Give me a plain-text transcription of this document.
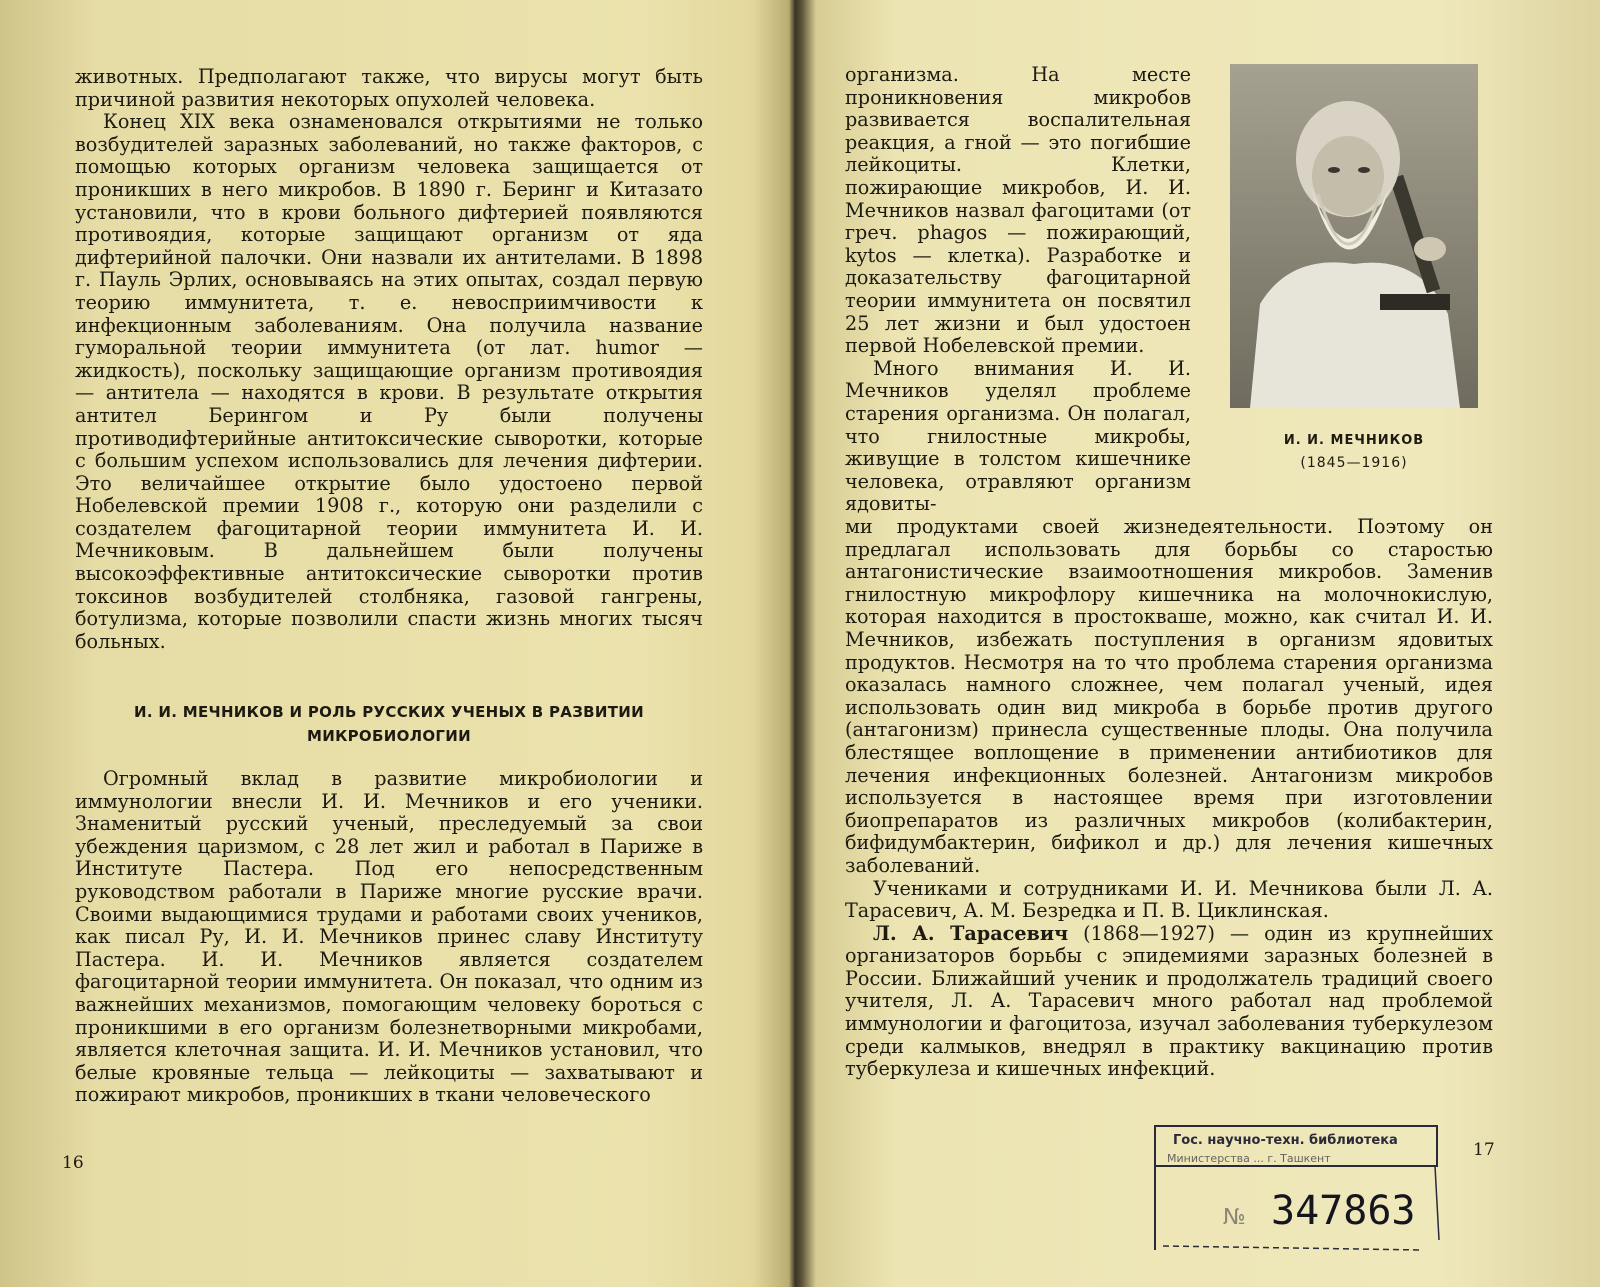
животных. Предполагают также, что вирусы могут быть причиной развития некоторых опухолей человека.

Конец XIX века ознаменовался открытиями не только возбудителей заразных заболеваний, но также факторов, с помощью которых организм человека защищается от проникших в него микробов. В 1890 г. Беринг и Китазато установили, что в крови больного дифтерией появляются противоядия, которые защищают организм от яда дифтерийной палочки. Они назвали их антителами. В 1898 г. Пауль Эрлих, основываясь на этих опытах, создал первую теорию иммунитета, т. е. невосприимчивости к инфекционным заболеваниям. Она получила название гуморальной теории иммунитета (от лат. humor — жидкость), поскольку защищающие организм противоядия — антитела — находятся в крови. В результате открытия антител Берингом и Ру были получены противодифтерийные антитоксические сыворотки, которые с большим успехом использовались для лечения дифтерии. Это величайшее открытие было удостоено первой Нобелевской премии 1908 г., которую они разделили с создателем фагоцитарной теории иммунитета И. И. Мечниковым. В дальнейшем были получены высокоэффективные антитоксические сыворотки против токсинов возбудителей столбняка, газовой гангрены, ботулизма, которые позволили спасти жизнь многих тысяч больных.

И. И. МЕЧНИКОВ И РОЛЬ РУССКИХ УЧЕНЫХ В РАЗВИТИИ МИКРОБИОЛОГИИ

Огромный вклад в развитие микробиологии и иммунологии внесли И. И. Мечников и его ученики. Знаменитый русский ученый, преследуемый за свои убеждения царизмом, с 28 лет жил и работал в Париже в Институте Пастера. Под его непосредственным руководством работали в Париже многие русские врачи. Своими выдающимися трудами и работами своих учеников, как писал Ру, И. И. Мечников принес славу Институту Пастера. И. И. Мечников является создателем фагоцитарной теории иммунитета. Он показал, что одним из важнейших механизмов, помогающим человеку бороться с проникшими в его организм болезнетворными микробами, является клеточная защита. И. И. Мечников установил, что белые кровяные тельца — лейкоциты — захватывают и пожирают микробов, проникших в ткани человеческого

16

организма. На месте проникновения микробов развивается воспалительная реакция, а гной — это погибшие лейкоциты. Клетки, пожирающие микробов, И. И. Мечников назвал фагоцитами (от греч. phagos — пожирающий, kytos — клетка). Разработке и доказательству фагоцитарной теории иммунитета он посвятил 25 лет жизни и был удостоен первой Нобелевской премии.

Много внимания И. И. Мечников уделял проблеме старения организма. Он полагал, что гнилостные микробы, живущие в толстом кишечнике человека, отравляют организм ядовиты-

И. И. МЕЧНИКОВ
(1845—1916)

ми продуктами своей жизнедеятельности. Поэтому он предлагал использовать для борьбы со старостью антагонистические взаимоотношения микробов. Заменив гнилостную микрофлору кишечника на молочнокислую, которая находится в простокваше, можно, как считал И. И. Мечников, избежать поступления в организм ядовитых продуктов. Несмотря на то что проблема старения организма оказалась намного сложнее, чем полагал ученый, идея использовать один вид микроба в борьбе против другого (антагонизм) принесла существенные плоды. Она получила блестящее воплощение в применении антибиотиков для лечения инфекционных болезней. Антагонизм микробов используется в настоящее время при изготовлении биопрепаратов из различных микробов (колибактерин, бифидумбактерин, бификол и др.) для лечения кишечных заболеваний.

Учениками и сотрудниками И. И. Мечникова были Л. А. Тарасевич, А. М. Безредка и П. В. Циклинская.

Л. А. Тарасевич (1868—1927) — один из крупнейших организаторов борьбы с эпидемиями заразных болезней в России. Ближайший ученик и продолжатель традиций своего учителя, Л. А. Тарасевич много работал над проблемой иммунологии и фагоцитоза, изучал заболевания туберкулезом среди калмыков, внедрял в практику вакцинацию против туберкулеза и кишечных инфекций.

17
Гос. научно-техн. библиотека
Министерства ... г. Ташкент
№ 347863
